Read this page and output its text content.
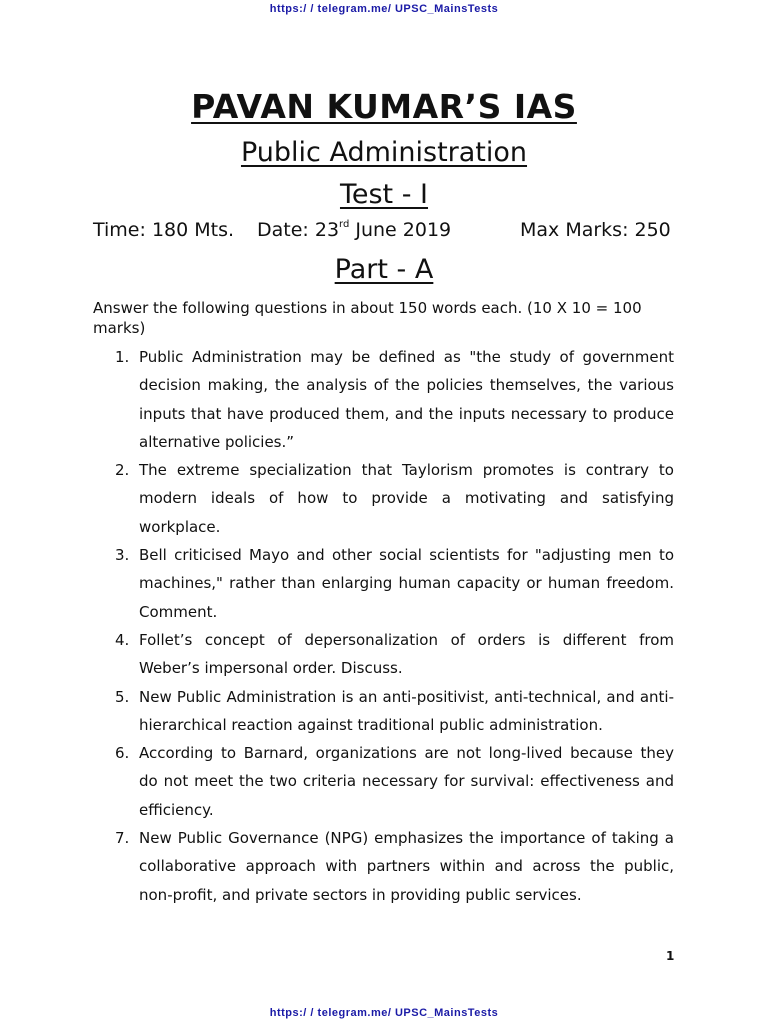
https:/ / telegram.me/ UPSC_MainsTests
PAVAN KUMAR’S IAS
Public Administration
Test - I
Time: 180 Mts. Date: 23rd June 2019	Max Marks: 250
Part - A
Answer the following questions in about 150 words each. (10 X 10 = 100 marks)
1. Public Administration may be defined as "the study of government decision making, the analysis of the policies themselves, the various inputs that have produced them, and the inputs necessary to produce alternative policies.”
2. The extreme specialization that Taylorism promotes is contrary to modern ideals of how to provide a motivating and satisfying workplace.
3. Bell criticised Mayo and other social scientists for "adjusting men to machines," rather than enlarging human capacity or human freedom. Comment.
4. Follet’s concept of depersonalization of orders is different from Weber’s impersonal order. Discuss.
5. New Public Administration is an anti-positivist, anti-technical, and anti-hierarchical reaction against traditional public administration.
6. According to Barnard, organizations are not long-lived because they do not meet the two criteria necessary for survival: effectiveness and efficiency.
7. New Public Governance (NPG) emphasizes the importance of taking a collaborative approach with partners within and across the public, non-profit, and private sectors in providing public services.
1
https:/ / telegram.me/ UPSC_MainsTests
